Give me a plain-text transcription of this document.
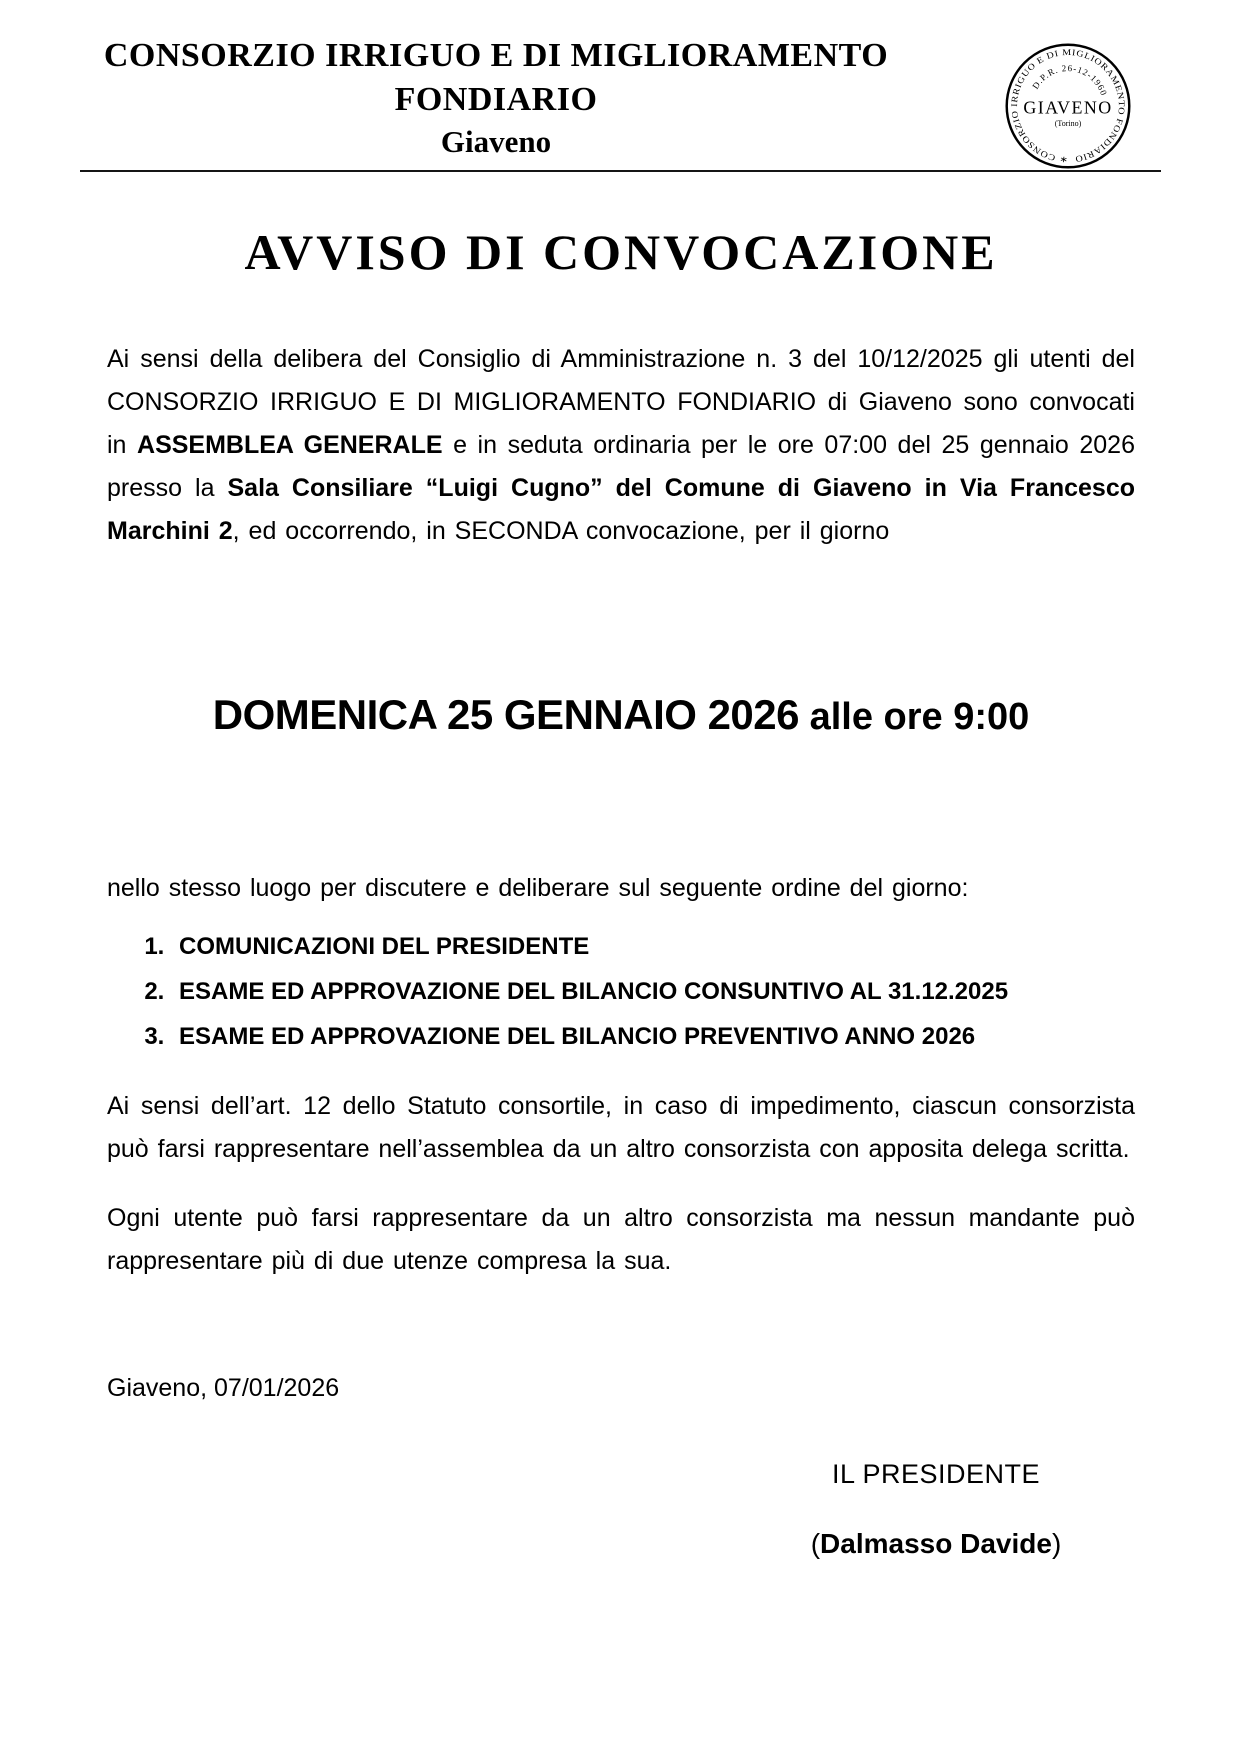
CONSORZIO IRRIGUO E DI MIGLIORAMENTO
FONDIARIO
Giaveno
∗ CONSORZIO IRRIGUO E DI MIGLIORAMENTO FONDIARIO
D.P.R. 26-12-1960
GIAVENO
(Torino)
AVVISO DI CONVOCAZIONE

Ai sensi della delibera del Consiglio di Amministrazione n. 3 del 10/12/2025 gli utenti del CONSORZIO IRRIGUO E DI MIGLIORAMENTO FONDIARIO di Giaveno sono convocati in ASSEMBLEA GENERALE e in seduta ordinaria per le ore 07:00 del 25 gennaio 2026 presso la Sala Consiliare “Luigi Cugno” del Comune di Giaveno in Via Francesco Marchini 2, ed occorrendo, in SECONDA convocazione, per il giorno

DOMENICA 25 GENNAIO 2026 alle ore 9:00

nello stesso luogo per discutere e deliberare sul seguente ordine del giorno:

1. COMUNICAZIONI DEL PRESIDENTE
2. ESAME ED APPROVAZIONE DEL BILANCIO CONSUNTIVO AL 31.12.2025
3. ESAME ED APPROVAZIONE DEL BILANCIO PREVENTIVO ANNO 2026

Ai sensi dell’art. 12 dello Statuto consortile, in caso di impedimento, ciascun consorzista può farsi rappresentare nell’assemblea da un altro consorzista con apposita delega scritta.

Ogni utente può farsi rappresentare da un altro consorzista ma nessun mandante può rappresentare più di due utenze compresa la sua.

Giaveno, 07/01/2026

IL PRESIDENTE
(Dalmasso Davide)
